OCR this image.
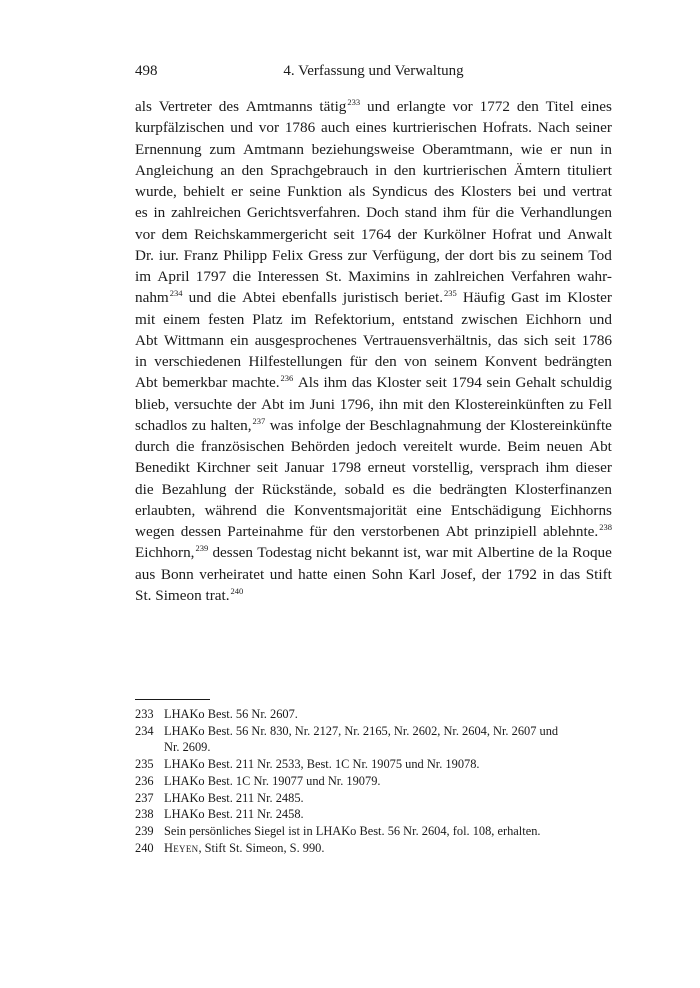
498	4. Verfassung und Verwaltung
als Vertreter des Amtmanns tätig$^{233}$ und erlangte vor 1772 den Titel eines
kurpfälzischen und vor 1786 auch eines kurtrierischen Hofrats. Nach seiner
Ernennung zum Amtmann beziehungsweise Oberamtmann, wie er nun in
Angleichung an den Sprachgebrauch in den kurtrierischen Ämtern tituliert
wurde, behielt er seine Funktion als Syndicus des Klosters bei und vertrat
es in zahlreichen Gerichtsverfahren. Doch stand ihm für die Verhandlungen
vor dem Reichskammergericht seit 1764 der Kurkölner Hofrat und Anwalt
Dr. iur. Franz Philipp Felix Gress zur Verfügung, der dort bis zu seinem Tod
im April 1797 die Interessen St. Maximins in zahlreichen Verfahren wahr-
nahm$^{234}$ und die Abtei ebenfalls juristisch beriet.$^{235}$ Häufig Gast im Kloster
mit einem festen Platz im Refektorium, entstand zwischen Eichhorn und
Abt Wittmann ein ausgesprochenes Vertrauensverhältnis, das sich seit 1786
in verschiedenen Hilfestellungen für den von seinem Konvent bedrängten
Abt bemerkbar machte.$^{236}$ Als ihm das Kloster seit 1794 sein Gehalt schuldig
blieb, versuchte der Abt im Juni 1796, ihn mit den Klostereinkünften zu Fell
schadlos zu halten,$^{237}$ was infolge der Beschlagnahmung der Klostereinkünfte
durch die französischen Behörden jedoch vereitelt wurde. Beim neuen Abt
Benedikt Kirchner seit Januar 1798 erneut vorstellig, versprach ihm dieser
die Bezahlung der Rückstände, sobald es die bedrängten Klosterfinanzen
erlaubten, während die Konventsmajorität eine Entschädigung Eichhorns
wegen dessen Parteinahme für den verstorbenen Abt prinzipiell ablehnte.$^{238}$
Eichhorn,$^{239}$ dessen Todestag nicht bekannt ist, war mit Albertine de la Roque
aus Bonn verheiratet und hatte einen Sohn Karl Josef, der 1792 in das Stift
St.
Simeon
trat.$^{240}$
233 LHAKo Best. 56 Nr. 2607.
234 LHAKo Best. 56 Nr. 830, Nr. 2127, Nr. 2165, Nr. 2602, Nr. 2604, Nr. 2607 und
Nr. 2609.
235 LHAKo Best. 211 Nr. 2533, Best. 1C Nr. 19075 und Nr. 19078.
236 LHAKo Best. 1C Nr. 19077 und Nr. 19079.
237 LHAKo Best. 211 Nr. 2485.
238 LHAKo Best. 211 Nr. 2458.
239 Sein persönliches Siegel ist in LHAKo Best. 56 Nr. 2604, fol. 108, erhalten.
240 Heyen, Stift St. Simeon, S. 990.
